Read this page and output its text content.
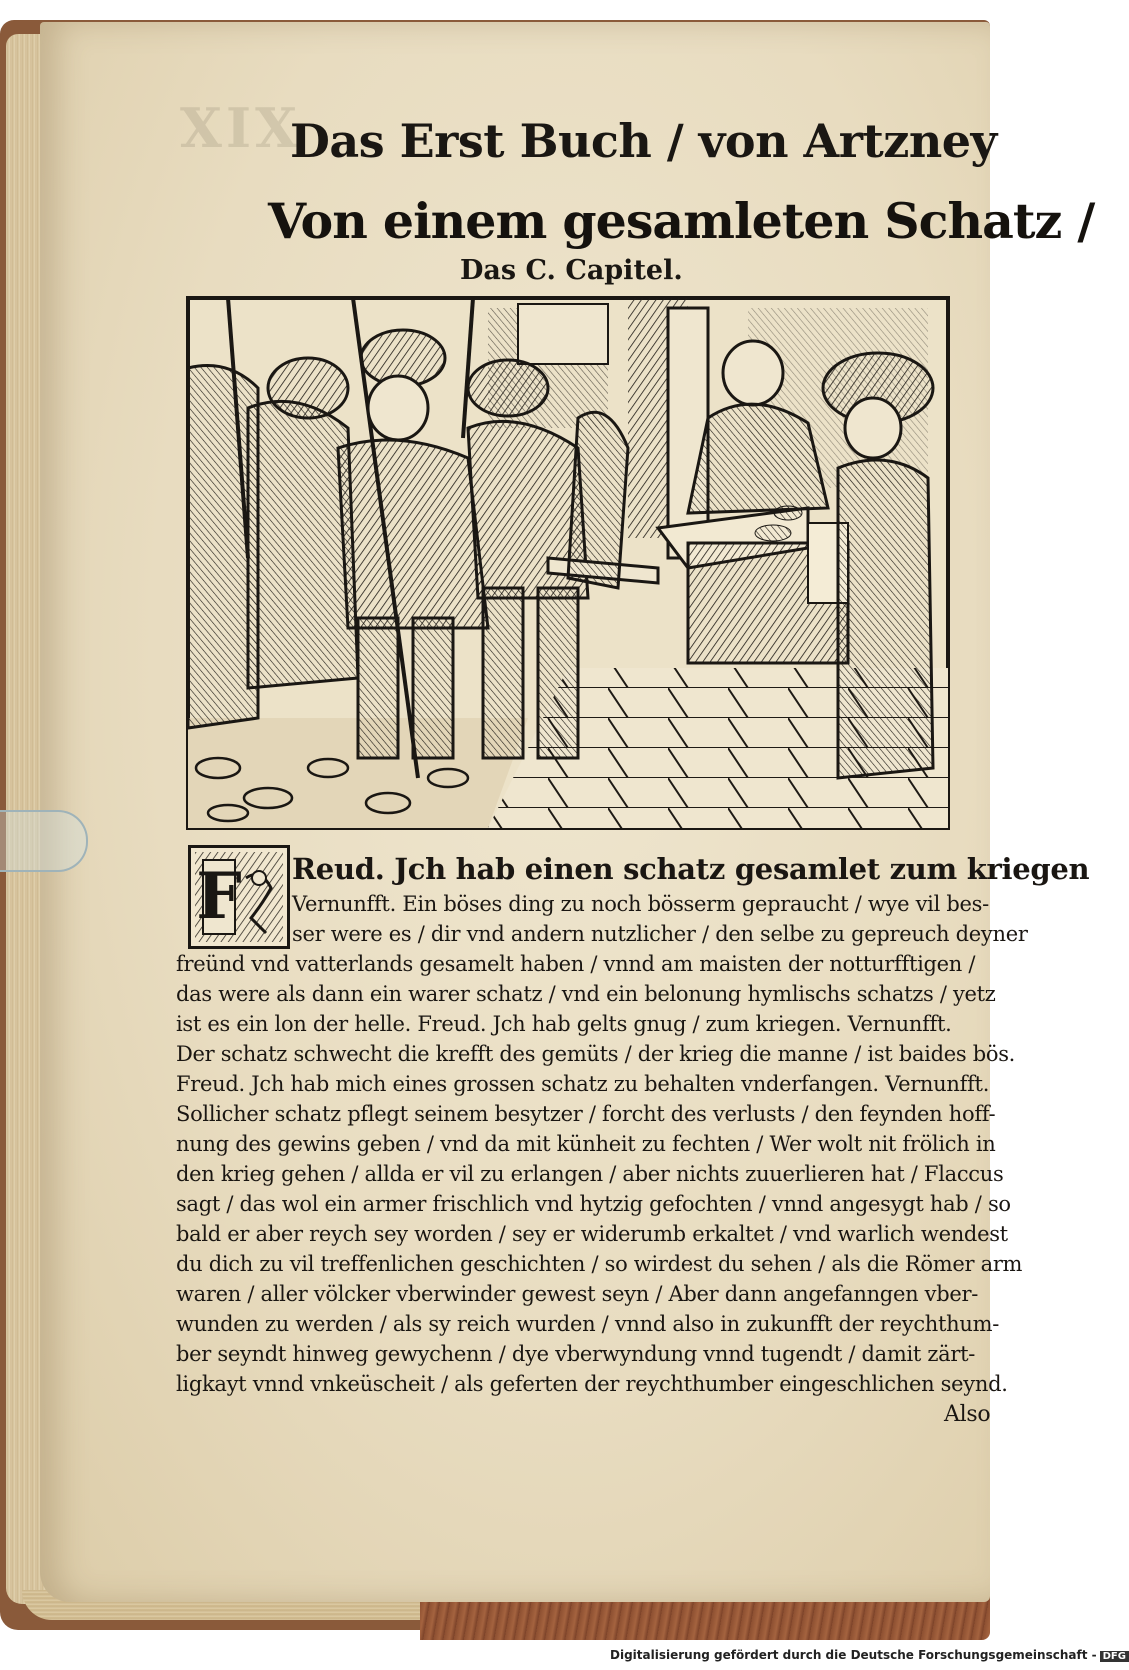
XIX
Das Erst Buch / von Artzney
Von einem gesamleten Schatz /
Das C. Capitel.
F Reud. Jch hab einen schatz gesamlet zum kriegen
Vernunfft. Ein böses ding zu noch bösserm gepraucht / wye vil bes-
ser were es / dir vnd andern nutzlicher / den selbe zu gepreuch deyner
freünd vnd vatterlands gesamelt haben / vnnd am maisten der notturfftigen /
das were als dann ein warer schatz / vnd ein belonung hymlischs schatzs / yetz
ist es ein lon der helle. Freud. Jch hab gelts gnug / zum kriegen. Vernunfft.
Der schatz schwecht die krefft des gemüts / der krieg die manne / ist baides bös.
Freud. Jch hab mich eines grossen schatz zu behalten vnderfangen. Vernunfft.
Sollicher schatz pflegt seinem besytzer / forcht des verlusts / den feynden hoff-
nung des gewins geben / vnd da mit künheit zu fechten / Wer wolt nit frölich in
den krieg gehen / allda er vil zu erlangen / aber nichts zuuerlieren hat / Flaccus
sagt / das wol ein armer frischlich vnd hytzig gefochten / vnnd angesygt hab / so
bald er aber reych sey worden / sey er widerumb erkaltet / vnd warlich wendest
du dich zu vil treffenlichen geschichten / so wirdest du sehen / als die Römer arm
waren / aller völcker vberwinder gewest seyn / Aber dann angefanngen vber-
wunden zu werden / als sy reich wurden / vnnd also in zukunfft der reychthum-
ber seyndt hinweg gewychenn / dye vberwyndung vnnd tugendt / damit zärt-
ligkayt vnnd vnkeüscheit / als geferten der reychthumber eingeschlichen seynd.
Also
Digitalisierung gefördert durch die Deutsche Forschungsgemeinschaft - DFG
